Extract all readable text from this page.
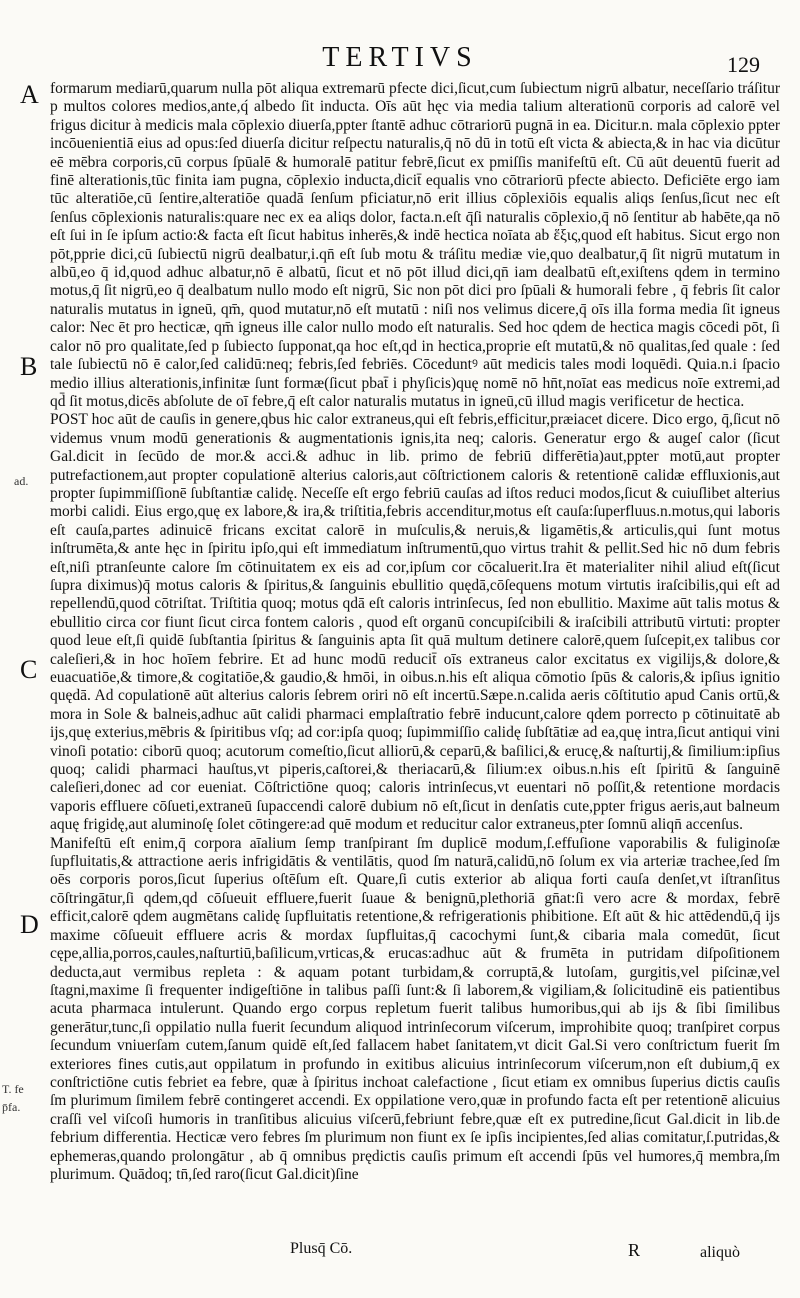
TERTIVS	129
A
B
C
D
ad.
T. fe
p̄fa.

formarum mediarū,quarum nulla pōt aliqua extremarū pfecte dici,ſicut,cum ſubiectum nigrū albatur, neceſſario tráſitur p multos colores medios,ante,q́ albedo ſit inducta. Oīs aūt hęc via media talium alterationū corporis ad calorē vel frigus dicitur à medicis mala cōplexio diuerſa,ppter ſtantē adhuc cōtrariorū pugnā in ea. Dicitur.n. mala cōplexio ppter incōuenientiā eius ad opus:ſed diuerſa dicitur reſpectu naturalis,q̄ nō dū in totū eſt victa & abiecta,& in hac via dicūtur eē mēbra corporis,cū corpus ſpūalē & humoralē patitur febrē,ſicut ex pmiſſis manifeſtū eſt. Cū aūt deuentū fuerit ad finē alterationis,tūc finita iam pugna, cōplexio inducta,dicit̄ equalis vno cōtrariorū pfecte abiecto. Deficiēte ergo iam tūc alteratiōe,cū ſentire,alteratiōe quadā ſenſum pficiatur,nō erit illius cōplexiōis equalis aliqs ſenſus,ſicut nec eſt ſenſus cōplexionis naturalis:quare nec ex ea aliqs dolor, facta.n.eſt q̄ſi naturalis cōplexio,q̄ nō ſentitur ab habēte,qa nō eſt ſui in ſe ipſum actio:& facta eſt ſicut habitus inherēs,& indē hectica noīata ab ἕξις,quod eſt habitus. Sicut ergo non pōt,pprie dici,cū ſubiectū nigrū dealbatur,i.qn̄ eſt ſub motu & tráſitu mediæ vie,quo dealbatur,q̄ ſit nigrū mutatum in albū,eo q̄ id,quod adhuc albatur,nō ē albatū, ſicut et nō pōt illud dici,qn̄ iam dealbatū eſt,exiſtens qdem in termino motus,q̄ ſit nigrū,eo q̄ dealbatum nullo modo eſt nigrū, Sic non pōt dici pro ſpūali & humorali febre , q̄ febris ſit calor naturalis mutatus in igneū, qm̄, quod mutatur,nō eſt mutatū : niſi nos velimus dicere,q̄ oīs illa forma media ſit igneus calor: Nec ēt pro hecticæ, qm̄ igneus ille calor nullo modo eſt naturalis. Sed hoc qdem de hectica magis cōcedi pōt, ſi calor nō pro qualitate,ſed p ſubiecto ſupponat,qa hoc eſt,qd in hectica,proprie eſt mutatū,& nō qualitas,ſed quale : ſed tale ſubiectū nō ē calor,ſed calidū:neq; febris,ſed febriēs. Cōceduntꝰ aūt medicis tales modi loquēdi. Quia.n.i ſpacio medio illius alterationis,infinitæ ſunt formæ(ſicut pbat̄ i phyſicis)quę nomē nō hn̄t,noīat eas medicus noīe extremi,ad qd̄ ſit motus,dicēs abſolute de oī febre,q̄ eſt calor naturalis mutatus in igneū,cū illud magis verificetur de hectica.

POST hoc aūt de cauſis in genere,qbus hic calor extraneus,qui eſt febris,efficitur,præiacet dicere. Dico ergo, q̄,ſicut nō videmus vnum modū generationis & augmentationis ignis,ita neq; caloris. Generatur ergo & augeſ calor (ſicut Gal.dicit in ſecūdo de mor.& acci.& adhuc in lib. primo de febriū differētia)aut,ppter motū,aut propter putrefactionem,aut propter copulationē alterius caloris,aut cōſtrictionem caloris & retentionē calidæ effluxionis,aut propter ſupimmiſſionē ſubſtantiæ calidę. Neceſſe eſt ergo febriū cauſas ad iſtos reduci modos,ſicut & cuiuſlibet alterius morbi calidi. Eius ergo,quę ex labore,& ira,& triſtitia,febris accenditur,motus eſt cauſa:ſuperfluus.n.motus,qui laboris eſt cauſa,partes adinuicē fricans excitat calorē in muſculis,& neruis,& ligamētis,& articulis,qui ſunt motus inſtrumēta,& ante hęc in ſpiritu ipſo,qui eſt immediatum inſtrumentū,quo virtus trahit & pellit.Sed hic nō dum febris eſt,niſi ptranſeunte calore ſm cōtinuitatem ex eis ad cor,ipſum cor cōcaluerit.Ira ēt materialiter nihil aliud eſt(ſicut ſupra diximus)q̄ motus caloris & ſpiritus,& ſanguinis ebullitio quędā,cōſequens motum virtutis iraſcibilis,qui eſt ad repellendū,quod cōtriſtat. Triſtitia quoq; motus qdā eſt caloris intrinſecus, ſed non ebullitio. Maxime aūt talis motus & ebullitio circa cor fiunt ſicut circa fontem caloris , quod eſt organū concupiſcibili & iraſcibili attributū virtuti: propter quod leue eſt,ſi quidē ſubſtantia ſpiritus & ſanguinis apta ſit quā multum detinere calorē,quem ſuſcepit,ex talibus cor caleſieri,& in hoc hoīem febrire. Et ad hunc modū reducit̄ oīs extraneus calor excitatus ex vigilijs,& dolore,& euacuatiōe,& timore,& cogitatiōe,& gaudio,& hmōi, in oibus.n.his eſt aliqua cōmotio ſpūs & caloris,& ipſius ignitio quędā. Ad copulationē aūt alterius caloris ſebrem oriri nō eſt incertū.Sæpe.n.calida aeris cōſtitutio apud Canis ortū,& mora in Sole & balneis,adhuc aūt calidi pharmaci emplaſtratio febrē inducunt,calore qdem porrecto p cōtinuitatē ab ijs,quę exterius,mēbris & ſpiritibus vſq; ad cor:ipſa quoq; ſupimmiſſio calidę ſubſtātiæ ad ea,quę intra,ſicut antiqui vini vinoſi potatio: ciborū quoq; acutorum comeſtio,ſicut alliorū,& ceparū,& baſilici,& erucę,& naſturtij,& ſimilium:ipſius quoq; calidi pharmaci hauſtus,vt piperis,caſtorei,& theriacarū,& ſilium:ex oibus.n.his eſt ſpiritū & ſanguinē caleſieri,donec ad cor eueniat. Cōſtrictiōne quoq; caloris intrinſecus,vt euentari nō poſſit,& retentione mordacis vaporis effluere cōſueti,extraneū ſupaccendi calorē dubium nō eſt,ſicut in denſatis cute,ppter frigus aeris,aut balneum aquę frigidę,aut aluminoſę ſolet cōtingere:ad quē modum et reducitur calor extraneus,pter ſomnū aliqn̄ accenſus.

Manifeſtū eſt enim,q̄ corpora aīalium ſemp tranſpirant ſm duplicē modum,ſ.effuſione vaporabilis & fuliginoſæ ſupfluitatis,& attractione aeris infrigidātis & ventilātis, quod ſm naturā,calidū,nō ſolum ex via arteriæ trachee,ſed ſm oēs corporis poros,ſicut ſuperius oſtēſum eſt. Quare,ſi cutis exterior ab aliqua forti cauſa denſet,vt iſtranſitus cōſtringātur,ſi qdem,qd cōſueuit effluere,fuerit ſuaue & benignū,plethoriā gn̄at:ſi vero acre & mordax, febrē efficit,calorē qdem augmētans calidę ſupfluitatis retentione,& refrigerationis phibitione. Eſt aūt & hic attēdendū,q̄ ijs maxime cōſueuit effluere acris & mordax ſupfluitas,q̄ cacochymi ſunt,& cibaria mala comedūt, ſicut cępe,allia,porros,caules,naſturtiū,baſilicum,vrticas,& erucas:adhuc aūt & frumēta in putridam diſpoſitionem deducta,aut vermibus repleta : & aquam potant turbidam,& corruptā,& lutoſam, gurgitis,vel piſcinæ,vel ſtagni,maxime ſi frequenter indigeſtiōne in talibus paſſi ſunt:& ſi laborem,& vigiliam,& ſolicitudinē eis patientibus acuta pharmaca intulerunt. Quando ergo corpus repletum fuerit talibus humoribus,qui ab ijs & ſibi ſimilibus generātur,tunc,ſi oppilatio nulla fuerit ſecundum aliquod intrinſecorum viſcerum, improhibite quoq; tranſpiret corpus ſecundum vniuerſam cutem,ſanum quidē eſt,ſed fallacem habet ſanitatem,vt dicit Gal.Si vero conſtrictum fuerit ſm exteriores fines cutis,aut oppilatum in profundo in exitibus alicuius intrinſecorum viſcerum,non eſt dubium,q̄ ex conſtrictiōne cutis febriet ea febre, quæ à ſpiritus inchoat calefactione , ſicut etiam ex omnibus ſuperius dictis cauſis ſm plurimum ſimilem febrē contingeret accendi. Ex oppilatione vero,quæ in profundo facta eſt per retentionē alicuius craſſi vel viſcoſi humoris in tranſitibus alicuius viſcerū,febriunt febre,quæ eſt ex putredine,ſicut Gal.dicit in lib.de febrium differentia. Hecticæ vero febres ſm plurimum non fiunt ex ſe ipſis incipientes,ſed alias comitatur,ſ.putridas,& ephemeras,quando prolongātur , ab q̄ omnibus prędictis cauſis primum eſt accendi ſpūs vel humores,q̄ membra,ſm plurimum. Quādoq; tn̄,ſed raro(ſicut Gal.dicit)ſine

Plusq̄ Cō.	R	aliquò
